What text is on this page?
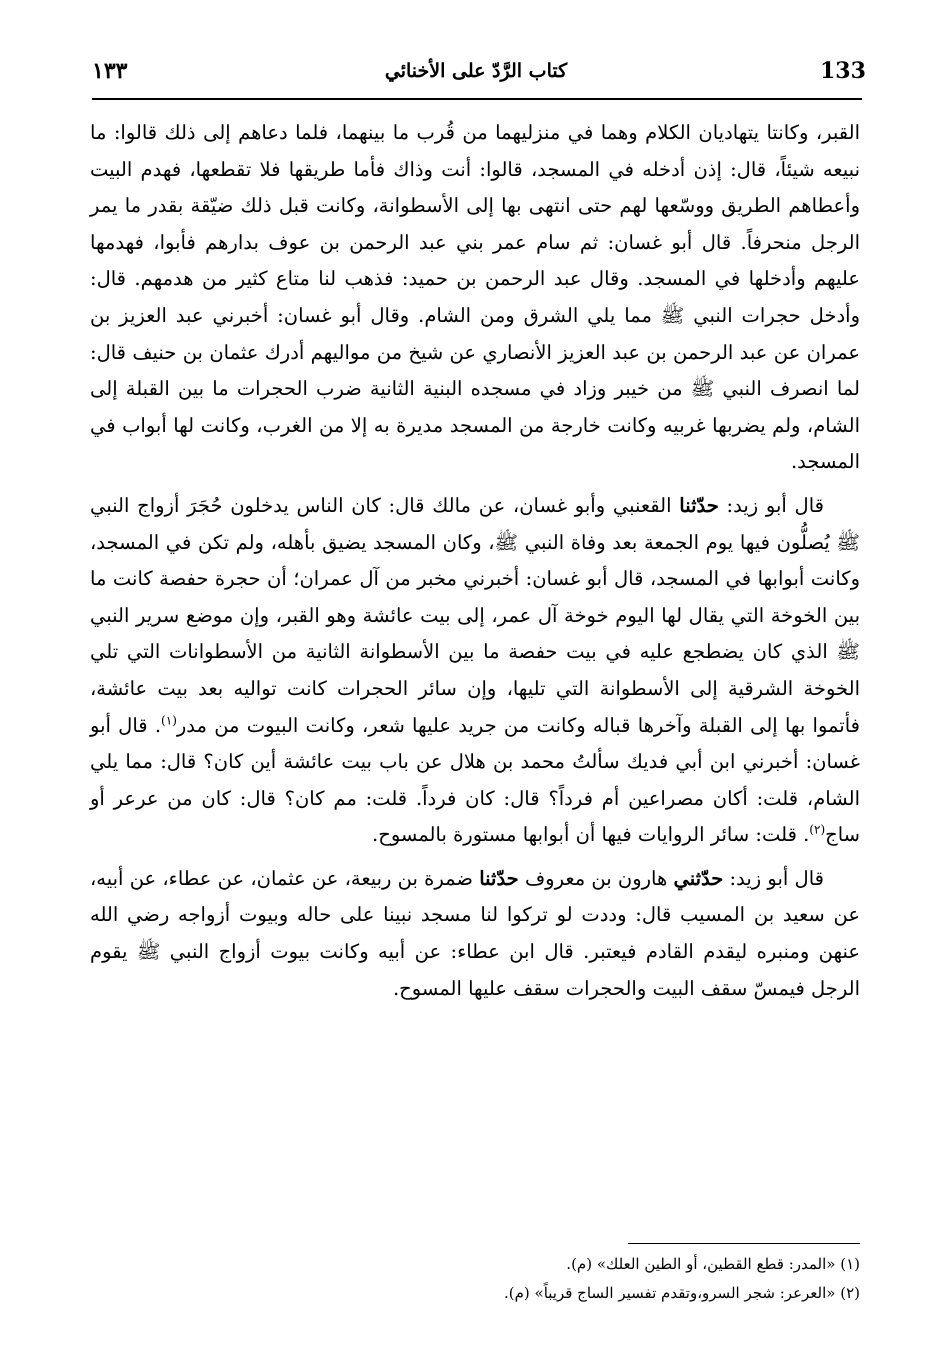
133
كتاب الرَّدّ على الأخنائي
١٣٣

القبر، وكانتا يتهاديان الكلام وهما في منزليهما من قُرب ما بينهما، فلما دعاهم إلى ذلك قالوا: ما نبيعه شيئاً، قال: إذن أدخله في المسجد، قالوا: أنت وذاك فأما طريقها فلا تقطعها، فهدم البيت وأعطاهم الطريق ووسّعها لهم حتى انتهى بها إلى الأسطوانة، وكانت قبل ذلك ضيّقة بقدر ما يمر الرجل منحرفاً. قال أبو غسان: ثم سام عمر بني عبد الرحمن بن عوف بدارهم فأبوا، فهدمها عليهم وأدخلها في المسجد. وقال عبد الرحمن بن حميد: فذهب لنا متاع كثير من هدمهم. قال: وأدخل حجرات النبي ﷺ مما يلي الشرق ومن الشام. وقال أبو غسان: أخبرني عبد العزيز بن عمران عن عبد الرحمن بن عبد العزيز الأنصاري عن شيخ من مواليهم أدرك عثمان بن حنيف قال: لما انصرف النبي ﷺ من خيبر وزاد في مسجده البنية الثانية ضرب الحجرات ما بين القبلة إلى الشام، ولم يضربها غربيه وكانت خارجة من المسجد مديرة به إلا من الغرب، وكانت لها أبواب في المسجد.

قال أبو زيد: حدّثنا القعنبي وأبو غسان، عن مالك قال: كان الناس يدخلون حُجَرَ أزواج النبي ﷺ يُصلُّون فيها يوم الجمعة بعد وفاة النبي ﷺ، وكان المسجد يضيق بأهله، ولم تكن في المسجد، وكانت أبوابها في المسجد، قال أبو غسان: أخبرني مخبر من آل عمران؛ أن حجرة حفصة كانت ما بين الخوخة التي يقال لها اليوم خوخة آل عمر، إلى بيت عائشة وهو القبر، وإن موضع سرير النبي ﷺ الذي كان يضطجع عليه في بيت حفصة ما بين الأسطوانة الثانية من الأسطوانات التي تلي الخوخة الشرقية إلى الأسطوانة التي تليها، وإن سائر الحجرات كانت تواليه بعد بيت عائشة، فأتموا بها إلى القبلة وآخرها قباله وكانت من جريد عليها شعر، وكانت البيوت من مدر$^{(١)}$. قال أبو غسان: أخبرني ابن أبي فديك سألتُ محمد بن هلال عن باب بيت عائشة أين كان؟ قال: مما يلي الشام، قلت: أكان مصراعين أم فرداً؟ قال: كان فرداً. قلت: مم كان؟ قال: كان من عرعر أو ساج$^{(٢)}$. قلت: سائر الروايات فيها أن أبوابها مستورة بالمسوح.

قال أبو زيد: حدّثني هارون بن معروف حدّثنا ضمرة بن ربيعة، عن عثمان، عن عطاء، عن أبيه، عن سعيد بن المسيب قال: وددت لو تركوا لنا مسجد نبينا على حاله وبيوت أزواجه رضي الله عنهن ومنبره ليقدم القادم فيعتبر. قال ابن عطاء: عن أبيه وكانت بيوت أزواج النبي ﷺ يقوم الرجل فيمسّ سقف البيت والحجرات سقف عليها المسوح.

(١) «المدر: قطع القطين، أو الطين العلك» (م).
(٢) «العرعر: شجر السرو،وتقدم تفسير الساج قريباً» (م).
